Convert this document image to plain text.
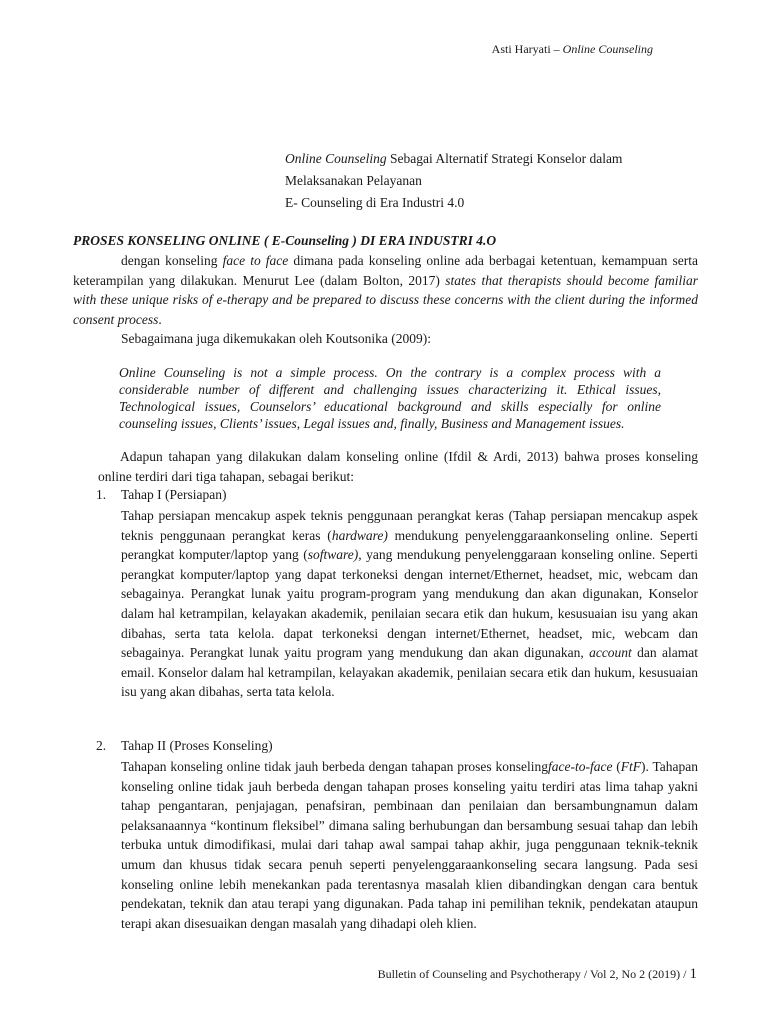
Asti Haryati – Online Counseling
Online Counseling Sebagai Alternatif Strategi Konselor dalam
Melaksanakan Pelayanan
E- Counseling di Era Industri 4.0
PROSES KONSELING ONLINE ( E-Counseling ) DI ERA INDUSTRI 4.O
dengan konseling face to face dimana pada konseling online ada berbagai ketentuan, kemampuan serta keterampilan yang dilakukan. Menurut Lee (dalam Bolton, 2017) states that therapists should become familiar with these unique risks of e-therapy and be prepared to discuss these concerns with the client during the informed consent process.
Sebagaimana juga dikemukakan oleh Koutsonika (2009):
Online Counseling is not a simple process. On the contrary is a complex process with a considerable number of different and challenging issues characterizing it. Ethical issues, Technological issues, Counselors’ educational background and skills especially for online counseling issues, Clients’ issues, Legal issues and, finally, Business and Management issues.
Adapun tahapan yang dilakukan dalam konseling online (Ifdil & Ardi, 2013) bahwa proses konseling online terdiri dari tiga tahapan, sebagai berikut:
1. Tahap I (Persiapan)
Tahap persiapan mencakup aspek teknis penggunaan perangkat keras (Tahap persiapan mencakup aspek teknis penggunaan perangkat keras (hardware) mendukung penyelenggaraankonseling online. Seperti perangkat komputer/laptop yang (software), yang mendukung penyelenggaraan konseling online. Seperti perangkat komputer/laptop yang dapat terkoneksi dengan internet/Ethernet, headset, mic, webcam dan sebagainya. Perangkat lunak yaitu program-program yang mendukung dan akan digunakan, Konselor dalam hal ketrampilan, kelayakan akademik, penilaian secara etik dan hukum, kesusuaian isu yang akan dibahas, serta tata kelola. dapat terkoneksi dengan internet/Ethernet, headset, mic, webcam dan sebagainya. Perangkat lunak yaitu program yang mendukung dan akan digunakan, account dan alamat email. Konselor dalam hal ketrampilan, kelayakan akademik, penilaian secara etik dan hukum, kesusuaian isu yang akan dibahas, serta tata kelola.
2. Tahap II (Proses Konseling)
Tahapan konseling online tidak jauh berbeda dengan tahapan proses konselingface-to-face (FtF). Tahapan konseling online tidak jauh berbeda dengan tahapan proses konseling yaitu terdiri atas lima tahap yakni tahap pengantaran, penjajagan, penafsiran, pembinaan dan penilaian dan bersambungnamun dalam pelaksanaannya “kontinum fleksibel” dimana saling berhubungan dan bersambung sesuai tahap dan lebih terbuka untuk dimodifikasi, mulai dari tahap awal sampai tahap akhir, juga penggunaan teknik-teknik umum dan khusus tidak secara penuh seperti penyelenggaraankonseling secara langsung. Pada sesi konseling online lebih menekankan pada terentasnya masalah klien dibandingkan dengan cara bentuk pendekatan, teknik dan atau terapi yang digunakan. Pada tahap ini pemilihan teknik, pendekatan ataupun terapi akan disesuaikan dengan masalah yang dihadapi oleh klien.
Bulletin of Counseling and Psychotherapy / Vol 2, No 2 (2019) / 1
